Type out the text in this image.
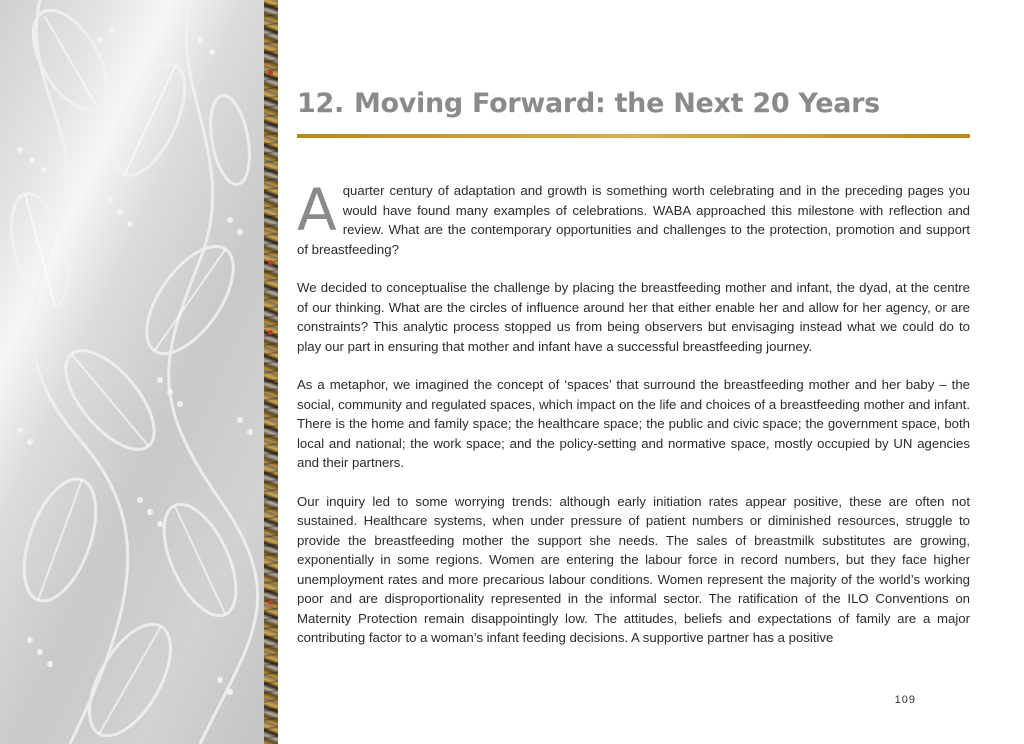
12. Moving Forward: the Next 20 Years

Aquarter century of adaptation and growth is something worth celebrating and in the preceding pages you would have found many examples of celebrations. WABA approached this milestone with reflection and review. What are the contemporary opportunities and challenges to the protection, promotion and support of breastfeeding?

We decided to conceptualise the challenge by placing the breastfeeding mother and infant, the dyad, at the centre of our thinking. What are the circles of influence around her that either enable her and allow for her agency, or are constraints? This analytic process stopped us from being observers but envisaging instead what we could do to play our part in ensuring that mother and infant have a successful breastfeeding journey.

As a metaphor, we imagined the concept of ‘spaces’ that surround the breastfeeding mother and her baby – the social, community and regulated spaces, which impact on the life and choices of a breastfeeding mother and infant. There is the home and family space; the healthcare space; the public and civic space; the government space, both local and national; the work space; and the policy-setting and normative space, mostly occupied by UN agencies and their partners.

Our inquiry led to some worrying trends: although early initiation rates appear positive, these are often not sustained. Healthcare systems, when under pressure of patient numbers or diminished resources, struggle to provide the breastfeeding mother the support she needs. The sales of breastmilk substitutes are growing, exponentially in some regions. Women are entering the labour force in record numbers, but they face higher unemployment rates and more precarious labour conditions. Women represent the majority of the world’s working poor and are disproportionality represented in the informal sector. The ratification of the ILO Conventions on Maternity Protection remain disappointingly low. The attitudes, beliefs and expectations of family are a major contributing factor to a woman’s infant feeding decisions. A supportive partner has a positive

109
